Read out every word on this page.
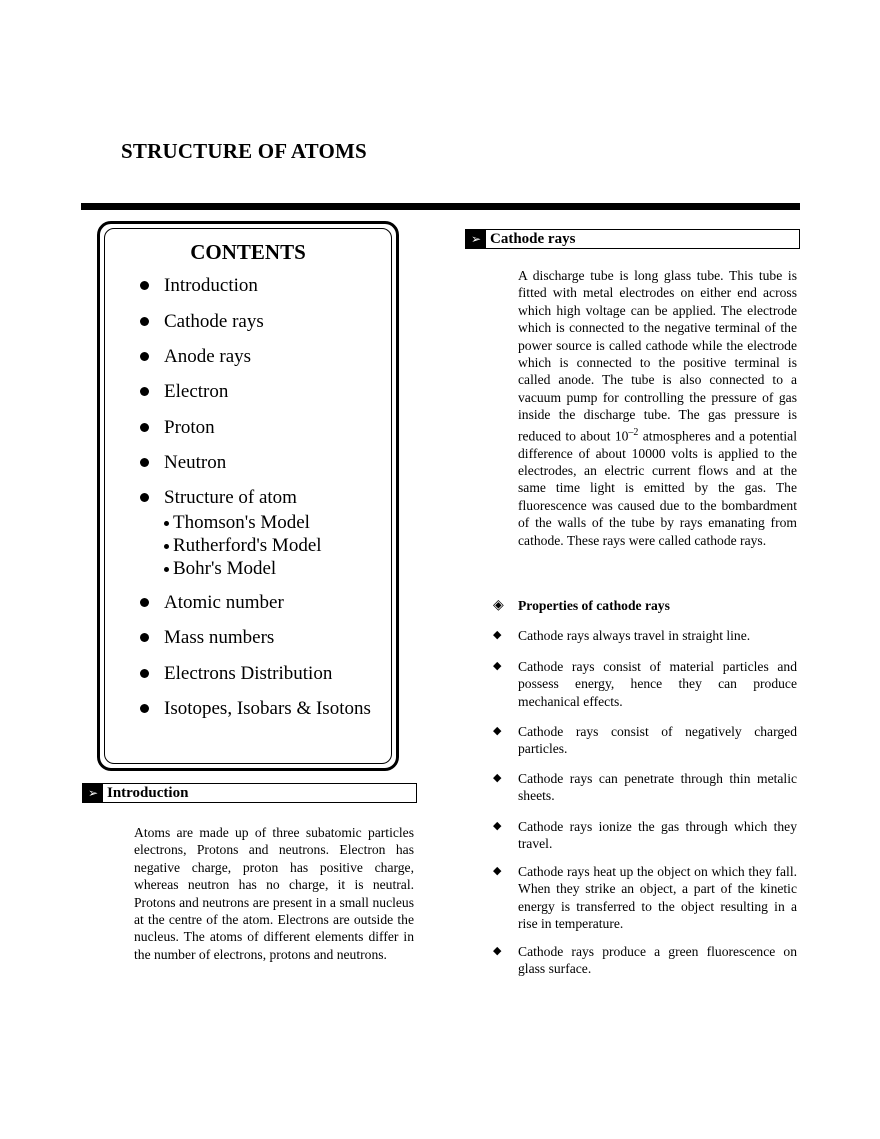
STRUCTURE OF ATOMS
CONTENTS
Introduction
Cathode rays
Anode rays
Electron
Proton
Neutron
Structure of atom
Thomson's Model
Rutherford's Model
Bohr's Model
Atomic number
Mass numbers
Electrons Distribution
Isotopes, Isobars & Isotons
➢ Introduction
Atoms are made up of three subatomic particles electrons, Protons and neutrons. Electron has negative charge, proton has positive charge, whereas neutron has no charge, it is neutral. Protons and neutrons are present in a small nucleus at the centre of the atom. Electrons are outside the nucleus. The atoms of different elements differ in the number of electrons, protons and neutrons.
➢ Cathode rays
A discharge tube is long glass tube. This tube is fitted with metal electrodes on either end across which high voltage can be applied. The electrode which is connected to the negative terminal of the power source is called cathode while the electrode which is connected to the positive terminal is called anode. The tube is also connected to a vacuum pump for controlling the pressure of gas inside the discharge tube. The gas pressure is reduced to about $10^{-2}$ atmospheres and a potential difference of about 10000 volts is applied to the electrodes, an electric current flows and at the same time light is emitted by the gas. The fluorescence was caused due to the bombardment of the walls of the tube by rays emanating from cathode. These rays were called cathode rays.
◈ Properties of cathode rays
◆ Cathode rays always travel in straight line.
◆ Cathode rays consist of material particles and possess energy, hence they can produce mechanical effects.
◆ Cathode rays consist of negatively charged particles.
◆ Cathode rays can penetrate through thin metalic sheets.
◆ Cathode rays ionize the gas through which they travel.
◆ Cathode rays heat up the object on which they fall. When they strike an object, a part of the kinetic energy is transferred to the object resulting in a rise in temperature.
◆ Cathode rays produce a green fluorescence on glass surface.
